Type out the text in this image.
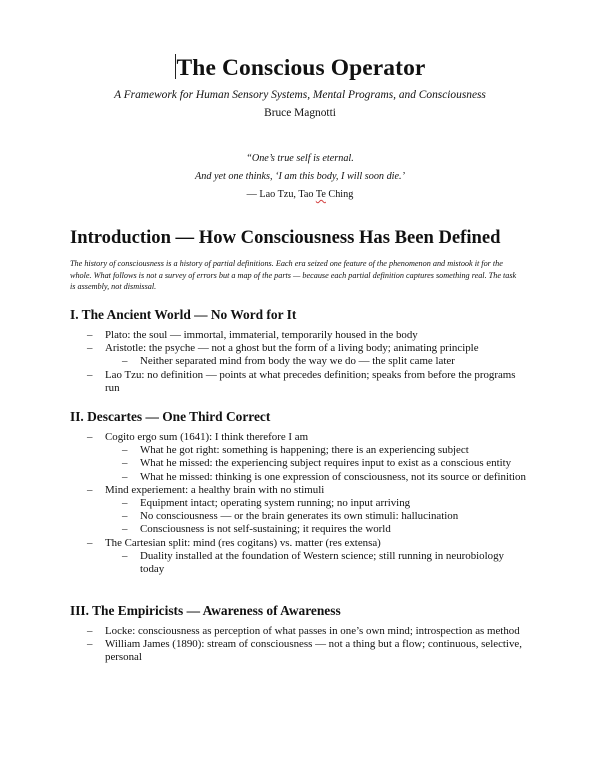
The Conscious Operator
A Framework for Human Sensory Systems, Mental Programs, and Consciousness
Bruce Magnotti
“One’s true self is eternal.
And yet one thinks, ‘I am this body, I will soon die.’
— Lao Tzu, Tao Te Ching
Introduction — How Consciousness Has Been Defined

The history of consciousness is a history of partial definitions. Each era seized one feature of the phenomenon and mistook it for the whole. What follows is not a survey of errors but a map of the parts — because each partial definition captures something real. The task is assembly, not dismissal.

I. The Ancient World — No Word for It
– Plato: the soul — immortal, immaterial, temporarily housed in the body
– Aristotle: the psyche — not a ghost but the form of a living body; animating principle
– Neither separated mind from body the way we do — the split came later
– Lao Tzu: no definition — points at what precedes definition; speaks from before the programs run
II. Descartes — One Third Correct
– Cogito ergo sum (1641): I think therefore I am
– What he got right: something is happening; there is an experiencing subject
– What he missed: the experiencing subject requires input to exist as a conscious entity
– What he missed: thinking is one expression of consciousness, not its source or definition
– Mind experiement: a healthy brain with no stimuli
– Equipment intact; operating system running; no input arriving
– No consciousness — or the brain generates its own stimuli: hallucination
– Consciousness is not self-sustaining; it requires the world
– The Cartesian split: mind (res cogitans) vs. matter (res extensa)
– Duality installed at the foundation of Western science; still running in neurobiology today
III. The Empiricists — Awareness of Awareness
– Locke: consciousness as perception of what passes in one’s own mind; introspection as method
– William James (1890): stream of consciousness — not a thing but a flow; continuous, selective, personal
